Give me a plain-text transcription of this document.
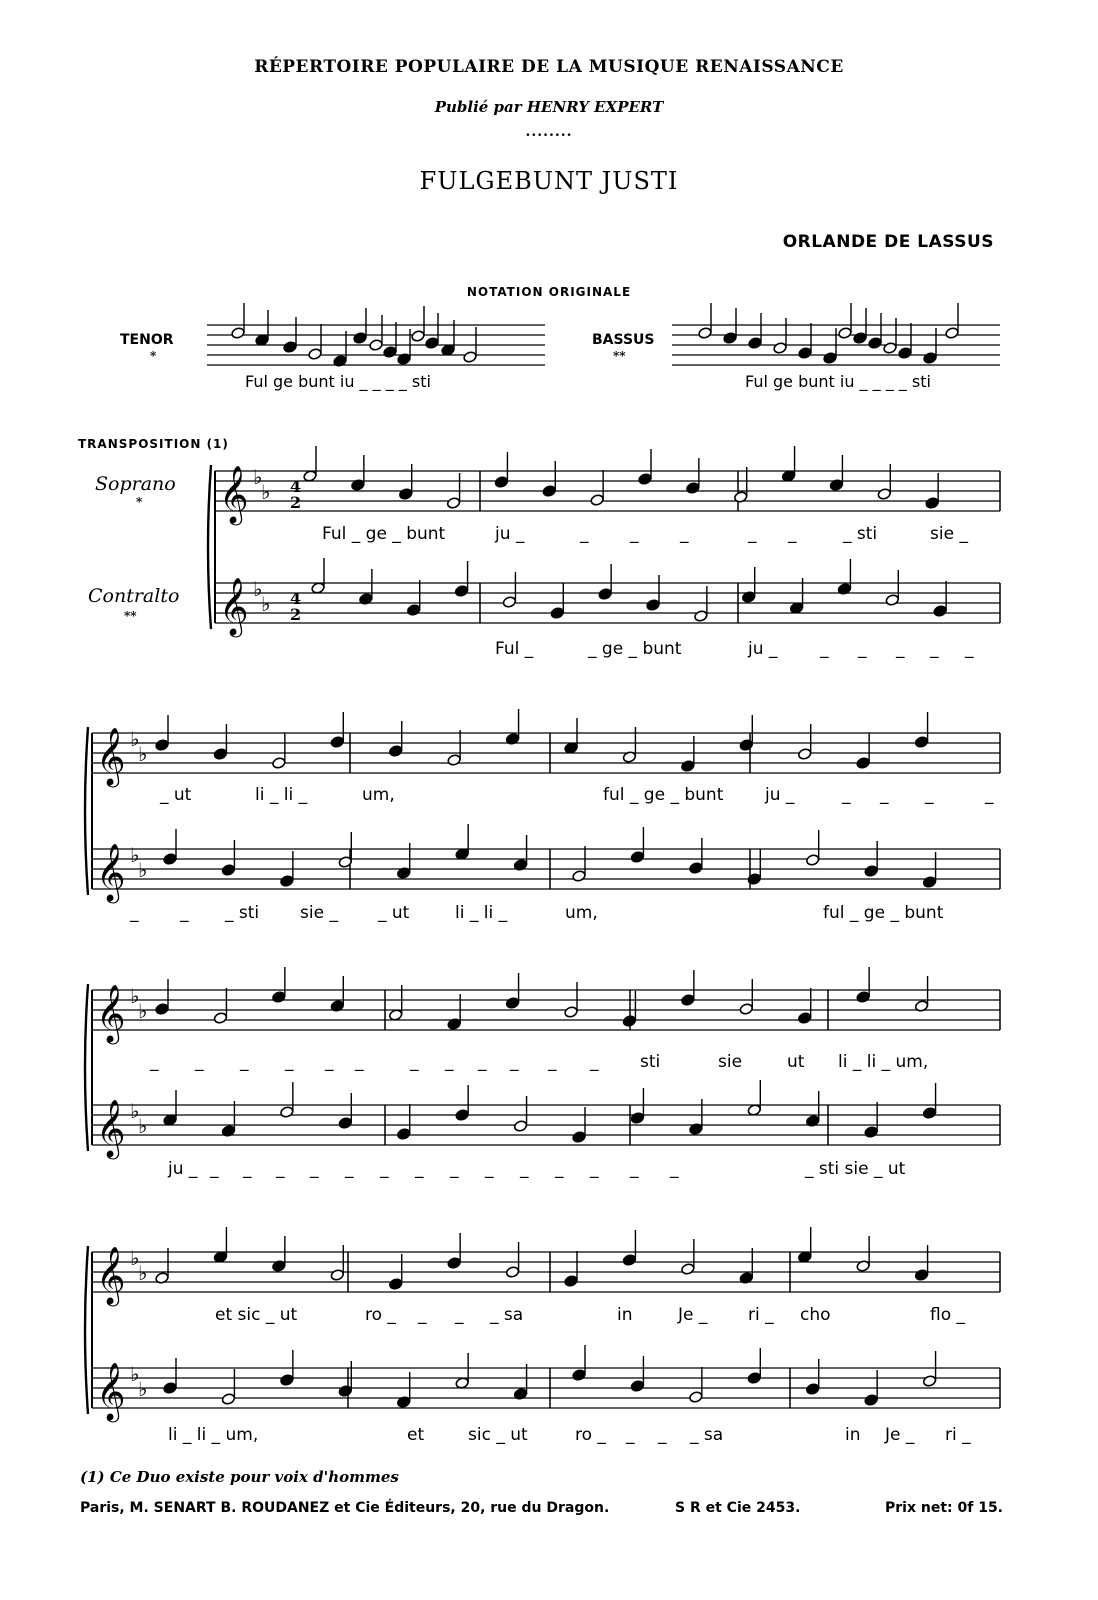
RÉPERTOIRE POPULAIRE DE LA MUSIQUE RENAISSANCE
Publié par HENRY EXPERT
........
FULGEBUNT JUSTI
ORLANDE DE LASSUS
NOTATION ORIGINALE
TENOR
*
Ful ge bunt iu _ _ _ _ sti
BASSUS
**
Ful ge bunt iu _ _ _ _ sti
TRANSPOSITION (1)
Soprano
*
Contralto
**
𝄞
𝄞
♭
♭
♭
♭
𝄞
𝄞
♭
♭
♭
♭
𝄞
𝄞
♭
♭
♭
♭
𝄞
𝄞
♭
♭
♭
♭
4
2
4
2
Ful _ ge _ bunt	ju _	_ _ _	_ _	_ sti	sie _
Ful _	_ ge _ bunt	ju _	_ _ _ _ _
_ ut	li _ li _	um,	ful _ ge _ bunt ju _	_ _ _	_
_ _ _ sti sie _ _ ut	li _ li _	um,	ful _ ge _ bunt
_ _ _ _ _ _	_ _ _ _ _ _ sti	sie	ut li _ li _ um,
ju _ _ _ _ _ _ _ _ _ _ _ _ _ _ _	_ sti sie _ ut
et sic _ ut	ro _ _ _ _ sa	in	Je _ ri _ cho	flo _
li _ li _ um,	et	sic _ ut	ro _ _ _ _ sa	in Je _ ri _
(1) Ce Duo existe pour voix d'hommes
Paris, M. SENART B. ROUDANEZ et Cie Éditeurs, 20, rue du Dragon.	S R et Cie 2453.	Prix net: 0f 15.
